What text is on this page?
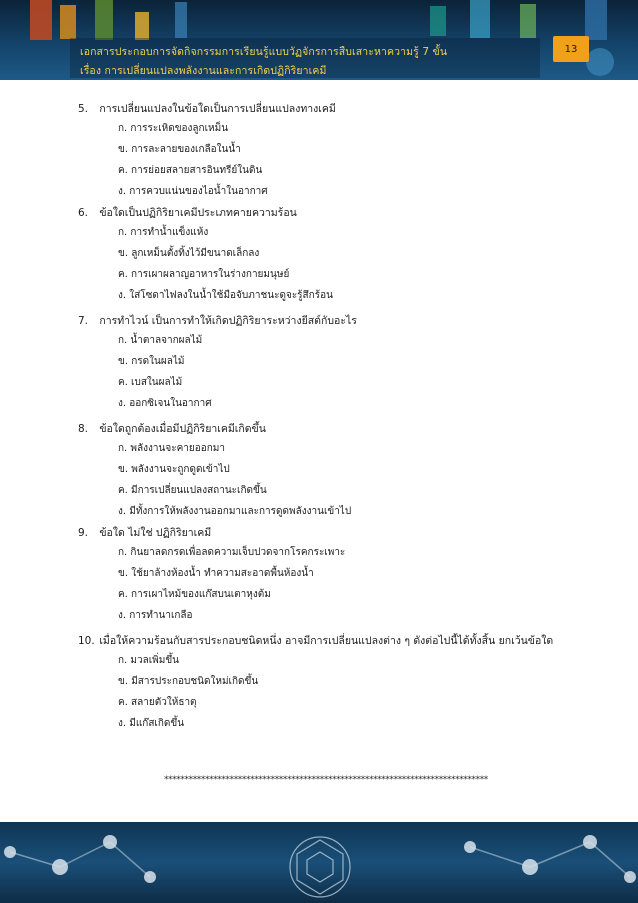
เอกสารประกอบการจัดกิจกรรมการเรียนรู้แบบวัฏจักรการสืบเสาะหาความรู้ 7 ขั้น
เรื่อง การเปลี่ยนแปลงพลังงานและการเกิดปฏิกิริยาเคมี
13
5. การเปลี่ยนแปลงในข้อใดเป็นการเปลี่ยนแปลงทางเคมี
ก. การระเหิดของลูกเหม็น
ข. การละลายของเกลือในน้ำ
ค. การย่อยสลายสารอินทรีย์ในดิน
ง. การควบแน่นของไอน้ำในอากาศ
6. ข้อใดเป็นปฏิกิริยาเคมีประเภทคายความร้อน
ก. การทำน้ำแข็งแห้ง
ข. ลูกเหม็นตั้งทิ้งไว้มีขนาดเล็กลง
ค. การเผาผลาญอาหารในร่างกายมนุษย์
ง. ใส่โซดาไฟลงในน้ำใช้มือจับภาชนะดูจะรู้สึกร้อน
7. การทำไวน์ เป็นการทำให้เกิดปฏิกิริยาระหว่างยีสต์กับอะไร
ก. น้ำตาลจากผลไม้
ข. กรดในผลไม้
ค. เบสในผลไม้
ง. ออกซิเจนในอากาศ
8. ข้อใดถูกต้องเมื่อมีปฏิกิริยาเคมีเกิดขึ้น
ก. พลังงานจะคายออกมา
ข. พลังงานจะถูกดูดเข้าไป
ค. มีการเปลี่ยนแปลงสถานะเกิดขึ้น
ง. มีทั้งการให้พลังงานออกมาและการดูดพลังงานเข้าไป
9. ข้อใด ไม่ใช่ ปฏิกิริยาเคมี
ก. กินยาลดกรดเพื่อลดความเจ็บปวดจากโรคกระเพาะ
ข. ใช้ยาล้างห้องน้ำ ทำความสะอาดพื้นห้องน้ำ
ค. การเผาไหม้ของแก๊สบนเตาหุงต้ม
ง. การทำนาเกลือ
10. เมื่อให้ความร้อนกับสารประกอบชนิดหนึ่ง อาจมีการเปลี่ยนแปลงต่าง ๆ ดังต่อไปนี้ได้ทั้งสิ้น ยกเว้นข้อใด
ก. มวลเพิ่มขึ้น
ข. มีสารประกอบชนิดใหม่เกิดขึ้น
ค. สลายตัวให้ธาตุ
ง. มีแก๊สเกิดขึ้น
*******************************************************************************
